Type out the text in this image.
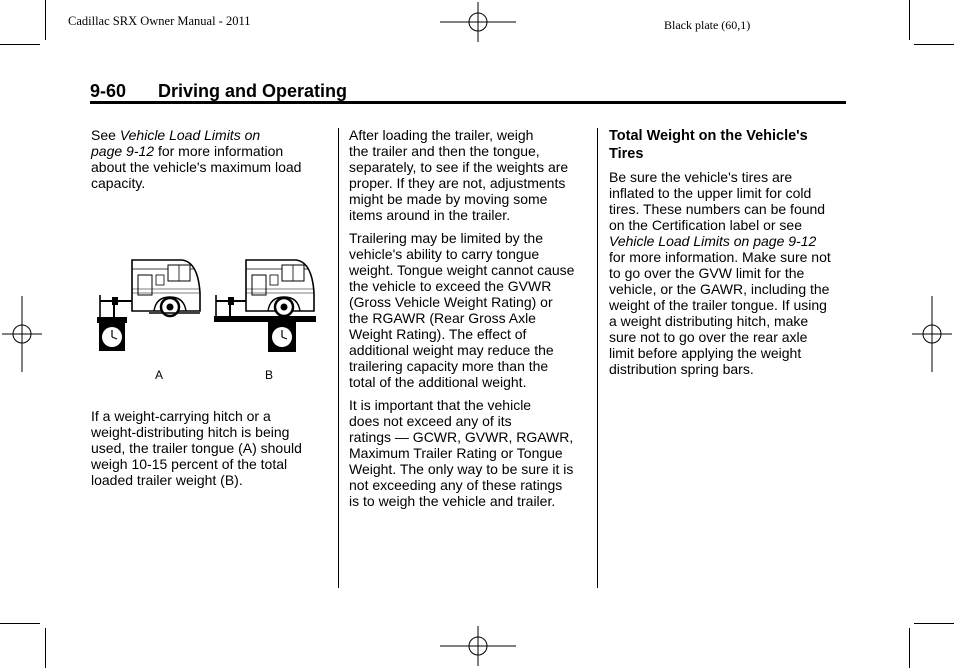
Cadillac SRX Owner Manual - 2011	Black plate (60,1)
9-60 Driving and Operating

See Vehicle Load Limits on
page 9-12 for more information
about the vehicle's maximum load
capacity.

A	B

If a weight-carrying hitch or a
weight-distributing hitch is being
used, the trailer tongue (A) should
weigh 10-15 percent of the total
loaded trailer weight (B).

After loading the trailer, weigh
the trailer and then the tongue,
separately, to see if the weights are
proper. If they are not, adjustments
might be made by moving some
items around in the trailer.

Trailering may be limited by the
vehicle's ability to carry tongue
weight. Tongue weight cannot cause
the vehicle to exceed the GVWR
(Gross Vehicle Weight Rating) or
the RGAWR (Rear Gross Axle
Weight Rating). The effect of
additional weight may reduce the
trailering capacity more than the
total of the additional weight.

It is important that the vehicle
does not exceed any of its
ratings — GCWR, GVWR, RGAWR,
Maximum Trailer Rating or Tongue
Weight. The only way to be sure it is
not exceeding any of these ratings
is to weigh the vehicle and trailer.

Total Weight on the Vehicle's
Tires

Be sure the vehicle's tires are
inflated to the upper limit for cold
tires. These numbers can be found
on the Certification label or see
Vehicle Load Limits on page 9-12
for more information. Make sure not
to go over the GVW limit for the
vehicle, or the GAWR, including the
weight of the trailer tongue. If using
a weight distributing hitch, make
sure not to go over the rear axle
limit before applying the weight
distribution spring bars.
